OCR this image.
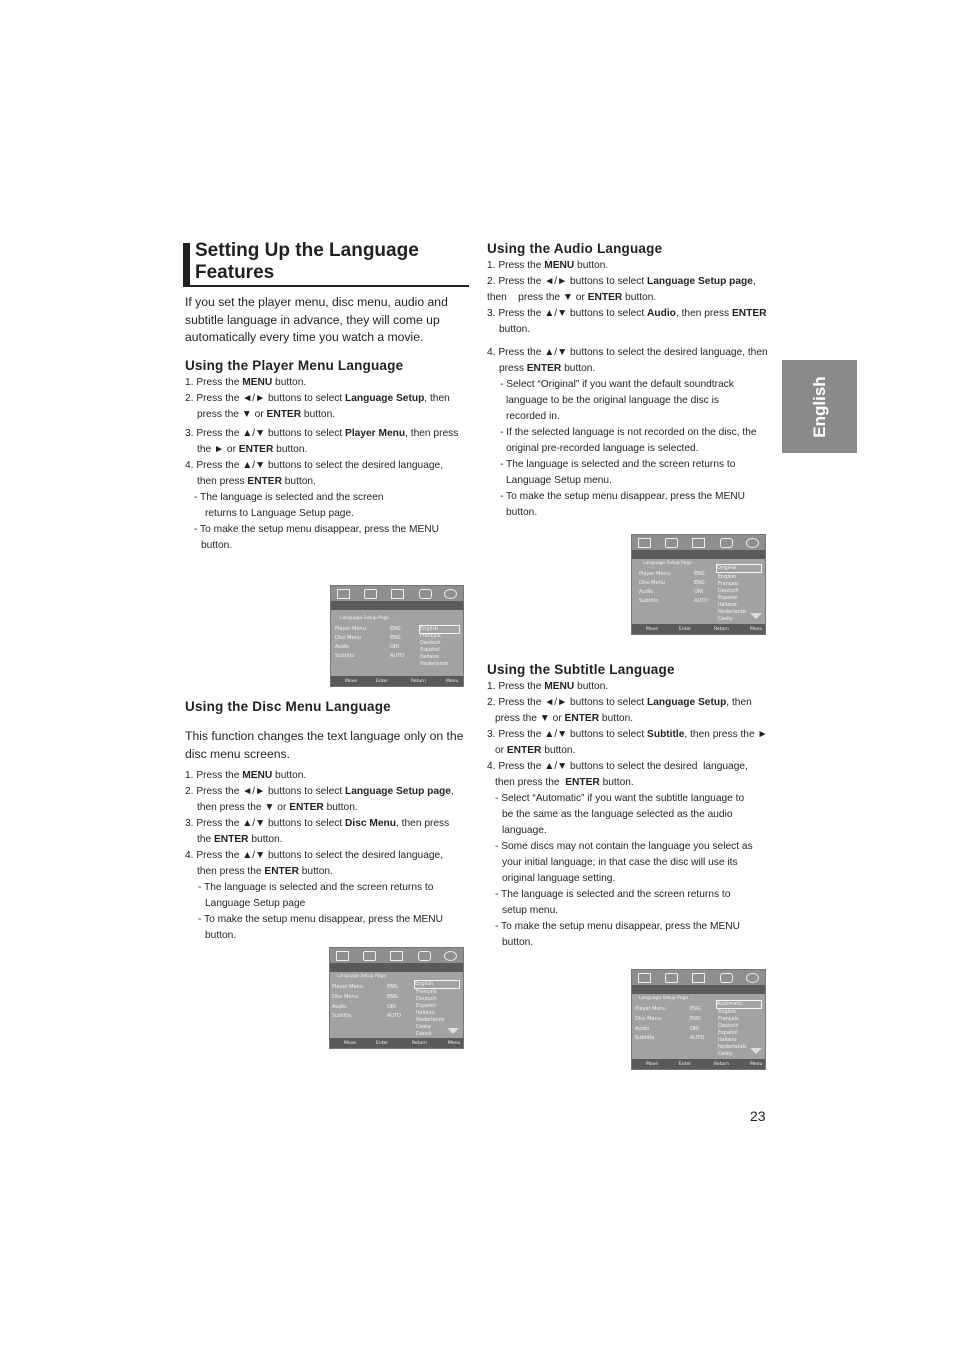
Setting Up the Language Features
If you set the player menu, disc menu, audio and subtitle language in advance, they will come up automatically every time you watch a movie.
Using the Player Menu Language

1. Press the MENU button.

2. Press the ◄/► buttons to select Language Setup, then

press the ▼ or ENTER button.

3. Press the ▲/▼ buttons to select Player Menu, then press

the ► or ENTER button.

4. Press the ▲/▼ buttons to select the desired language,

then press ENTER button.

- The language is selected and the screen

returns to Language Setup page.

- To make the setup menu disappear, press the MENU

button.

Language Setup Page ...
Player Menu
Disc Menu
Audio
Subtitle
ENG
ENG
ORI
AUTO
English
Français
Deutsch
Español
Italiano
Nederlands
Move	Enter	Return	Menu
Using the Disc Menu Language
This function changes the text language only on the disc menu screens.

1. Press the MENU button.

2. Press the ◄/► buttons to select Language Setup page,

then press the ▼ or ENTER button.

3. Press the ▲/▼ buttons to select Disc Menu, then press

the ENTER button.

4. Press the ▲/▼ buttons to select the desired language,

then press the ENTER button.

- The language is selected and the screen returns to

Language Setup page

- To make the setup menu disappear, press the MENU

button.

Language Setup Page
Player Menu
Disc Menu
Audio
Subtitle
ENG
ENG
ORI
AUTO
English
Français
Deutsch
Español
Italiano
Nederlands
Cesky
Dansk
Move	Enter	Return	Menu
Using the Audio Language

1. Press the MENU button.

2. Press the ◄/► buttons to select Language Setup page,

then    press the ▼ or ENTER button.

3. Press the ▲/▼ buttons to select Audio, then press ENTER

button.

4. Press the ▲/▼ buttons to select the desired language, then

press ENTER button.

- Select “Original” if you want the default soundtrack

language to be the original language the disc is

recorded in.

- If the selected language is not recorded on the disc, the

original pre-recorded language is selected.

- The language is selected and the screen returns to

Language Setup menu.

- To make the setup menu disappear, press the MENU

button.

Language Setup Page ...
Player Menu
Disc Menu
Audio
Subtitle
ENG
ENG
ORI
AUTO
Original
English
Français
Deutsch
Español
Italiano
Nederlands
Cesky
Move	Enter	Return	Menu
Using the Subtitle Language

1. Press the MENU button.

2. Press the ◄/► buttons to select Language Setup, then

press the ▼ or ENTER button.

3. Press the ▲/▼ buttons to select Subtitle, then press the ►

or ENTER button.

4. Press the ▲/▼ buttons to select the desired  language,

then press the  ENTER button.

- Select “Automatic” if you want the subtitle language to

be the same as the language selected as the audio

language.

- Some discs may not contain the language you select as

your initial language; in that case the disc will use its

original language setting.

- The language is selected and the screen returns to

setup menu.

- To make the setup menu disappear, press the MENU

button.

Language Setup Page ...
Player Menu
Disc Menu
Audio
Subtitle
ENG
ENG
ORI
AUTO
Automatic
English
Français
Deutsch
Español
Italiano
Nederlands
Cesky
Move	Enter	Return	Menu
English
23
